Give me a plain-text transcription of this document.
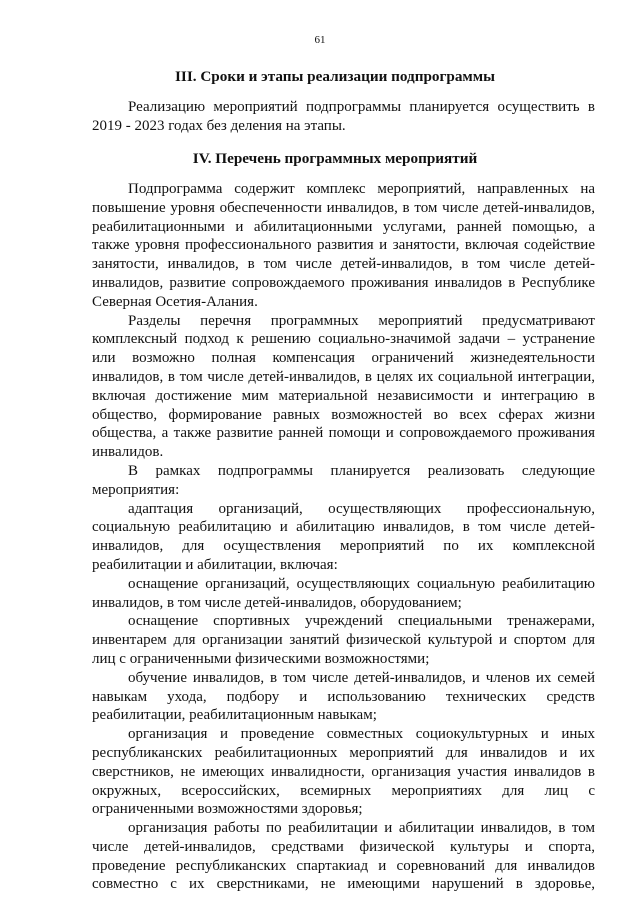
61
III. Сроки и этапы реализации подпрограммы
Реализацию мероприятий подпрограммы планируется осуществить в
2019 - 2023 годах без деления на этапы.
IV. Перечень программных мероприятий
Подпрограмма содержит комплекс мероприятий, направленных на
повышение уровня обеспеченности инвалидов, в том числе детей-инвалидов,
реабилитационными и абилитационными услугами, ранней помощью, а
также уровня профессионального развития и занятости, включая содействие
занятости, инвалидов, в том числе детей-инвалидов, в том числе детей-
инвалидов, развитие сопровождаемого проживания инвалидов в Республике
Северная Осетия-Алания.
Разделы перечня программных мероприятий предусматривают
комплексный подход к решению социально-значимой задачи – устранение
или возможно полная компенсация ограничений жизнедеятельности
инвалидов, в том числе детей-инвалидов, в целях их социальной интеграции,
включая достижение мим материальной независимости и интеграцию в
общество, формирование равных возможностей во всех сферах жизни
общества, а также развитие ранней помощи и сопровождаемого проживания
инвалидов.
В рамках подпрограммы планируется реализовать следующие
мероприятия:
адаптация организаций, осуществляющих профессиональную,
социальную реабилитацию и абилитацию инвалидов, в том числе детей-
инвалидов, для осуществления мероприятий по их комплексной
реабилитации и абилитации, включая:
оснащение организаций, осуществляющих социальную реабилитацию
инвалидов, в том числе детей-инвалидов, оборудованием;
оснащение спортивных учреждений специальными тренажерами,
инвентарем для организации занятий физической культурой и спортом для
лиц с ограниченными физическими возможностями;
обучение инвалидов, в том числе детей-инвалидов, и членов их семей
навыкам ухода, подбору и использованию технических средств
реабилитации, реабилитационным навыкам;
организация и проведение совместных социокультурных и иных
республиканских реабилитационных мероприятий для инвалидов и их
сверстников, не имеющих инвалидности, организация участия инвалидов в
окружных, всероссийских, всемирных мероприятиях для лиц с
ограниченными возможностями здоровья;
организация работы по реабилитации и абилитации инвалидов, в том
числе детей-инвалидов, средствами физической культуры и спорта,
проведение республиканских спартакиад и соревнований для инвалидов
совместно с их сверстниками, не имеющими нарушений в здоровье,
